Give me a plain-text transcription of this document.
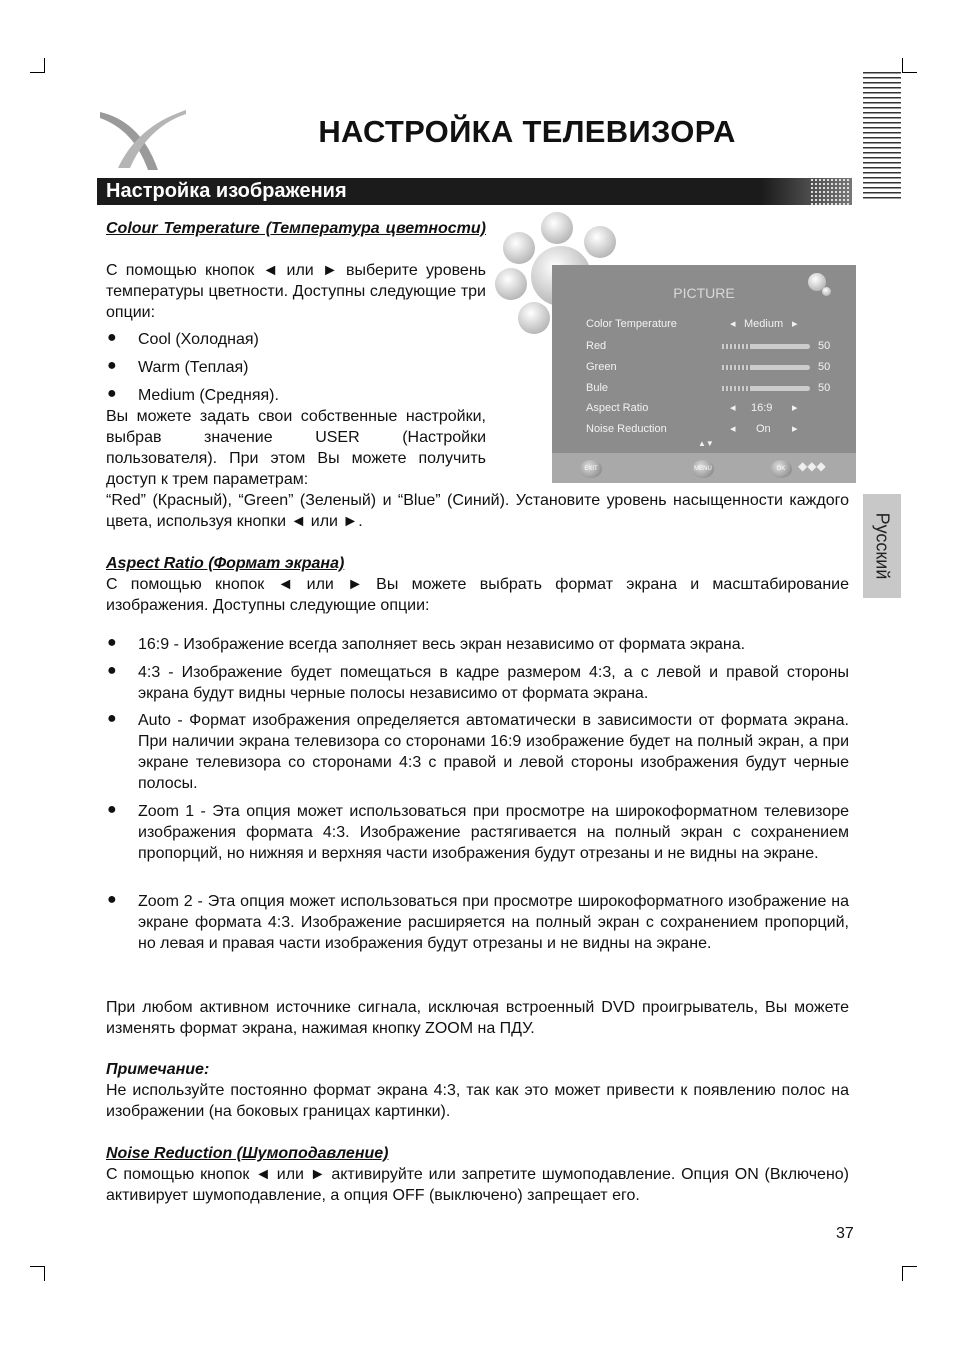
НАСТРОЙКА ТЕЛЕВИЗОРА
Настройка изображения
Русский
Colour Temperature (Температура цветности)
С помощью кнопок ◄ или ► выберите уровень температуры цветности. Доступны следующие три опции:
● Cool (Холодная)
● Warm (Теплая)
● Medium (Средняя).
Вы можете задать свои собственные настройки, выбрав значение USER (Настройки пользователя). При этом Вы можете получить доступ к трем параметрам:
“Red” (Красный), “Green” (Зеленый) и “Blue” (Синий). Установите уровень насыщенности каждого цвета, используя кнопки ◄ или ►.
PICTURE
Color Temperature	◂ Medium ▸
Red	50
Green	50
Bule	50
Aspect Ratio	◂ 16:9 ▸
Noise Reduction	◂ On ▸
▲▼
EXIT	MENU	OK	◆◆◆
Aspect Ratio (Формат экрана)
С помощью кнопок ◄ или ► Вы можете выбрать формат экрана и масштабирование изображения. Доступны следующие опции:
● 16:9 - Изображение всегда заполняет весь экран независимо от формата экрана.
● 4:3 - Изображение будет помещаться в кадре размером 4:3, а с левой и правой стороны экрана будут видны черные полосы независимо от формата экрана.
● Auto - Формат изображения определяется автоматически в зависимости от формата экрана. При наличии экрана телевизора со сторонами 16:9 изображение будет на полный экран, а при экране телевизора со сторонами 4:3 с правой и левой стороны изображения будут черные полосы.
● Zoom 1 - Эта опция может использоваться при просмотре на широкоформатном телевизоре изображения формата 4:3. Изображение растягивается на полный экран с сохранением пропорций, но нижняя и верхняя части изображения будут отрезаны и не видны на экране.
● Zoom 2 - Эта опция может использоваться при просмотре широкоформатного изображение на экране формата 4:3. Изображение расширяется на полный экран с сохранением пропорций, но левая и правая части изображения будут отрезаны и не видны на экране.
При любом активном источнике сигнала, исключая встроенный DVD проигрыватель, Вы можете изменять формат экрана, нажимая кнопку ZOOM на ПДУ.
Примечание:
Не используйте постоянно формат экрана 4:3, так как это может привести к появлению полос на изображении (на боковых границах картинки).
Noise Reduction (Шумоподавление)
С помощью кнопок ◄ или ► активируйте или запретите шумоподавление. Опция ON (Включено) активирует шумоподавление, а опция OFF (выключено) запрещает его.
37
